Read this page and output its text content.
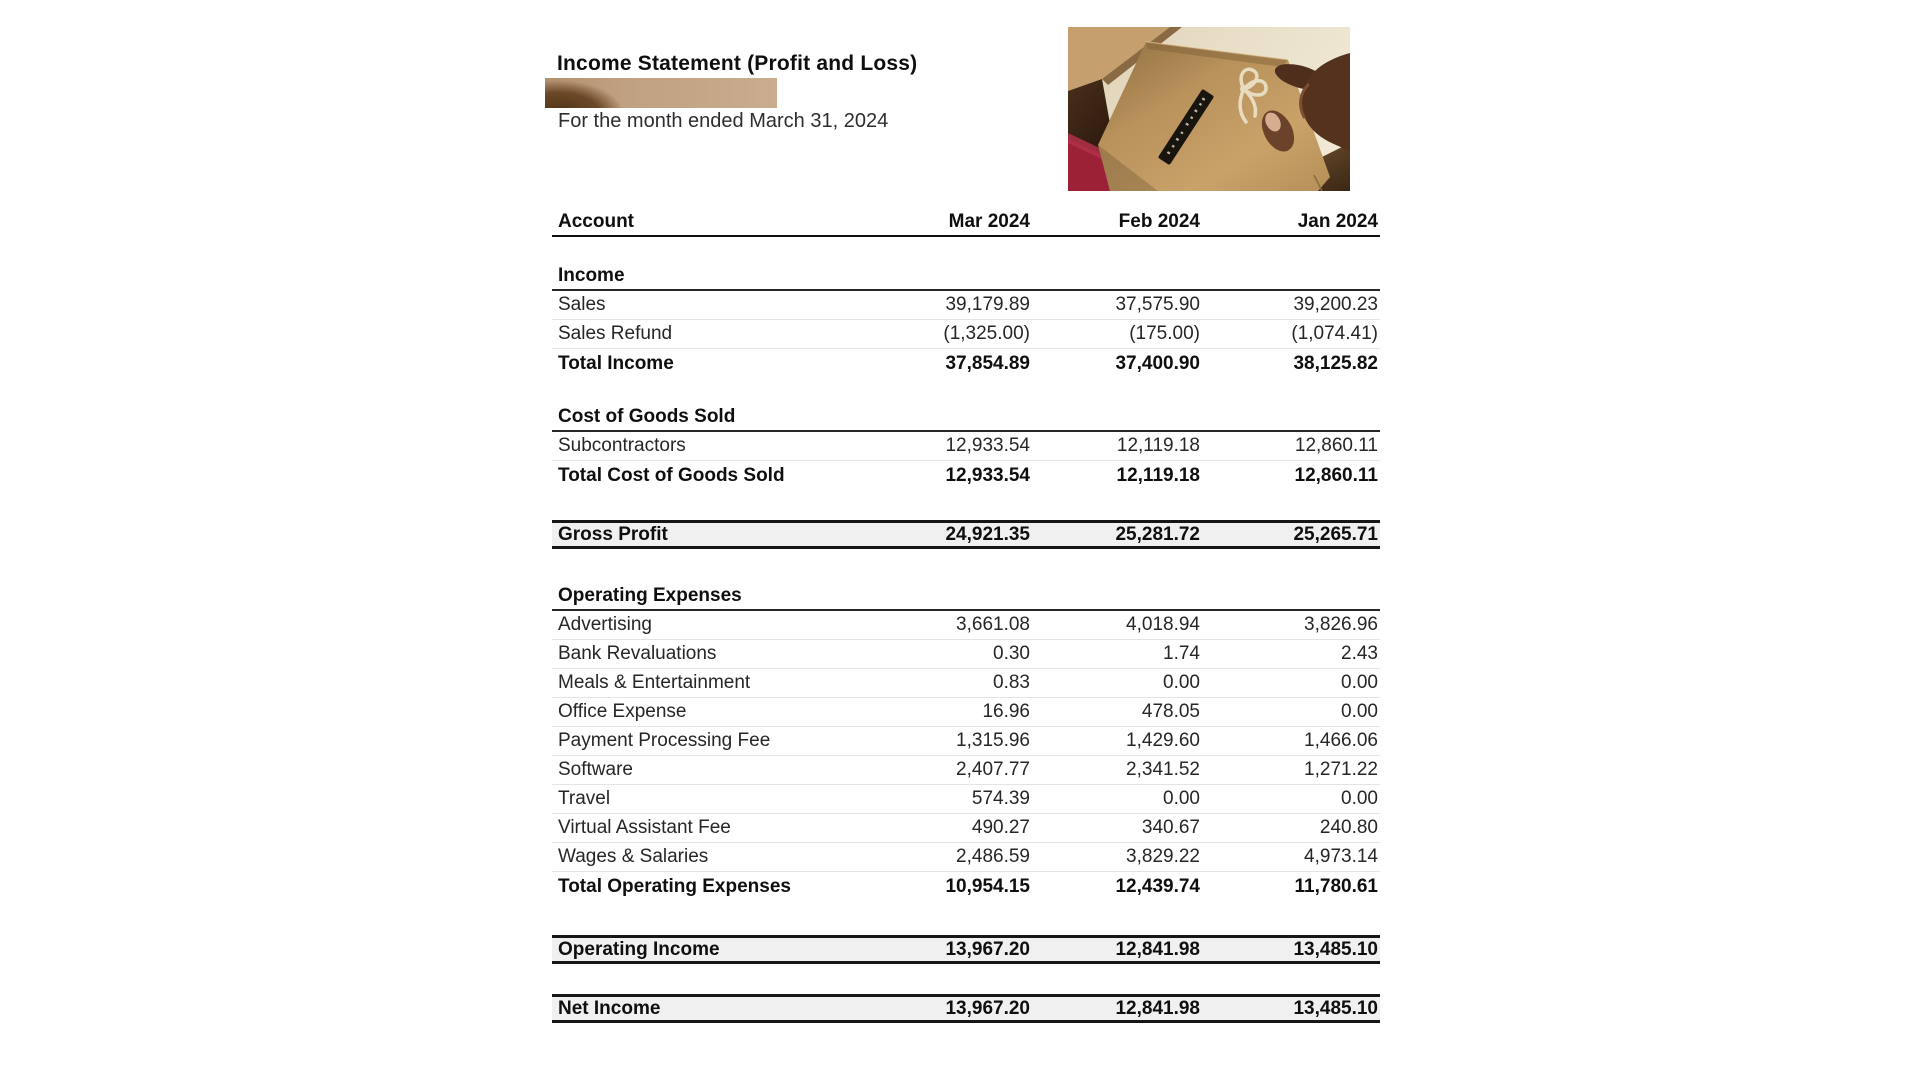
Income Statement (Profit and Loss)
For the month ended March 31, 2024
Account	Mar 2024	Feb 2024	Jan 2024
Income
Sales	39,179.89	37,575.90	39,200.23
Sales Refund	(1,325.00)	(175.00)	(1,074.41)
Total Income	37,854.89	37,400.90	38,125.82
Cost of Goods Sold
Subcontractors	12,933.54	12,119.18	12,860.11
Total Cost of Goods Sold	12,933.54	12,119.18	12,860.11
Gross Profit	24,921.35	25,281.72	25,265.71
Operating Expenses
Advertising	3,661.08	4,018.94	3,826.96
Bank Revaluations	0.30	1.74	2.43
Meals & Entertainment	0.83	0.00	0.00
Office Expense	16.96	478.05	0.00
Payment Processing Fee	1,315.96	1,429.60	1,466.06
Software	2,407.77	2,341.52	1,271.22
Travel	574.39	0.00	0.00
Virtual Assistant Fee	490.27	340.67	240.80
Wages & Salaries	2,486.59	3,829.22	4,973.14
Total Operating Expenses	10,954.15	12,439.74	11,780.61
Operating Income	13,967.20	12,841.98	13,485.10
Net Income	13,967.20	12,841.98	13,485.10
